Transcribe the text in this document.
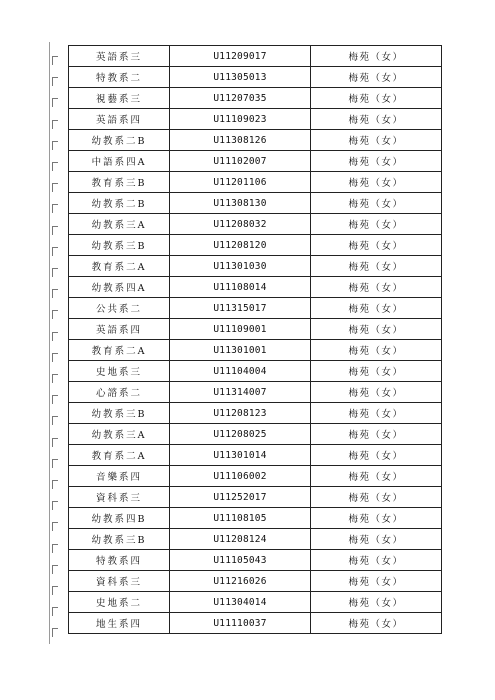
英語系三	U11209017	梅苑（女）
特教系二	U11305013	梅苑（女）
視藝系三	U11207035	梅苑（女）
英語系四	U11109023	梅苑（女）
幼教系二B	U11308126	梅苑（女）
中語系四A	U11102007	梅苑（女）
教育系三B	U11201106	梅苑（女）
幼教系二B	U11308130	梅苑（女）
幼教系三A	U11208032	梅苑（女）
幼教系三B	U11208120	梅苑（女）
教育系二A	U11301030	梅苑（女）
幼教系四A	U11108014	梅苑（女）
公共系二	U11315017	梅苑（女）
英語系四	U11109001	梅苑（女）
教育系二A	U11301001	梅苑（女）
史地系三	U11104004	梅苑（女）
心諮系二	U11314007	梅苑（女）
幼教系三B	U11208123	梅苑（女）
幼教系三A	U11208025	梅苑（女）
教育系二A	U11301014	梅苑（女）
音樂系四	U11106002	梅苑（女）
資科系三	U11252017	梅苑（女）
幼教系四B	U11108105	梅苑（女）
幼教系三B	U11208124	梅苑（女）
特教系四	U11105043	梅苑（女）
資科系三	U11216026	梅苑（女）
史地系二	U11304014	梅苑（女）
地生系四	U11110037	梅苑（女）
